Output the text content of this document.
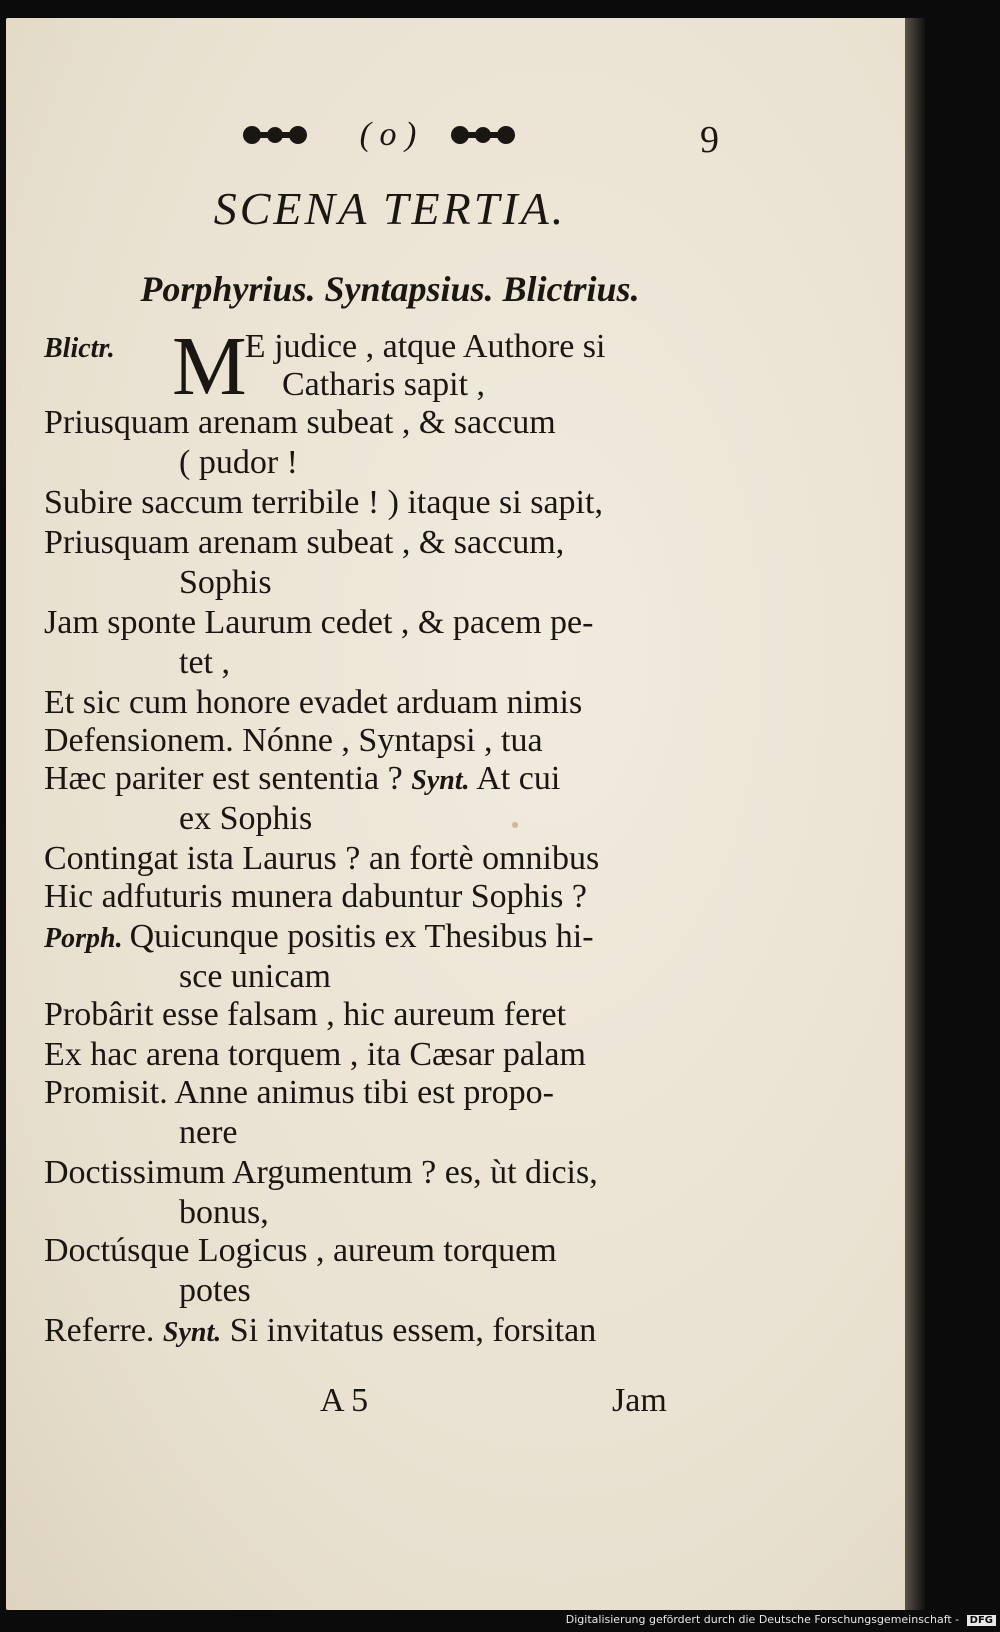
( o )	9
SCENA TERTIA.

Porphyrius. Syntapsius. Blictrius.

M
Blictr.	E judice , atque Authore si
Catharis sapit ,
Priusquam arenam subeat , & saccum
( pudor !
Subire saccum terribile ! ) itaque si sapit,
Priusquam arenam subeat , & saccum,
Sophis
Jam sponte Laurum cedet , & pacem pe-
tet ,
Et sic cum honore evadet arduam nimis
Defensionem. Nónne , Syntapsi , tua
Hæc pariter est sententia ? Synt. At cui
ex Sophis
Contingat ista Laurus ? an fortè omnibus
Hic adfuturis munera dabuntur Sophis ?
Porph. Quicunque positis ex Thesibus hi-
sce unicam
Probârit esse falsam , hic aureum feret
Ex hac arena torquem , ita Cæsar palam
Promisit. Anne animus tibi est propo-
nere
Doctissimum Argumentum ? es, ùt dicis,
bonus,
Doctúsque Logicus , aureum torquem
potes
Referre. Synt. Si invitatus essem, forsitan
A 5	Jam
Digitalisierung gefördert durch die Deutsche Forschungsgemeinschaft - DFG
